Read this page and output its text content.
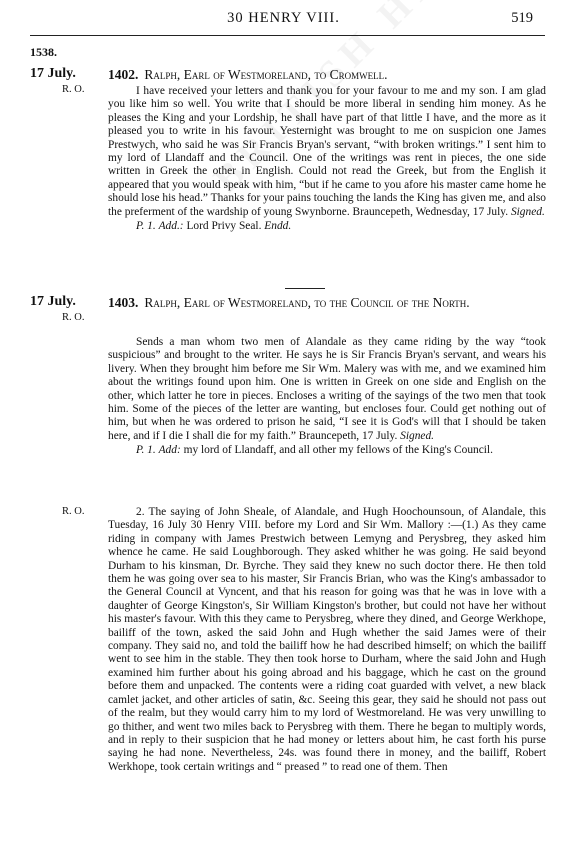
30 HENRY VIII.	519
1538.
17 July.
R. O.
1402. Ralph, Earl of Westmoreland, to Cromwell.

I have received your letters and thank you for your favour to me and my son. I am glad you like him so well. You write that I should be more liberal in sending him money. As he pleases the King and your Lordship, he shall have part of that little I have, and the more as it pleased you to write in his favour. Yesternight was brought to me on suspicion one James Prestwych, who said he was Sir Francis Bryan's servant, “with broken writings.” I sent him to my lord of Llandaff and the Council. One of the writings was rent in pieces, the one side written in Greek the other in English. Could not read the Greek, but from the English it appeared that you would speak with him, “but if he came to you afore his master came home he should lose his head.” Thanks for your pains touching the lands the King has given me, and also the preferment of the wardship of young Swynborne. Brauncepeth, Wednesday, 17 July. Signed.

P. 1. Add.: Lord Privy Seal. Endd.

17 July.
R. O.
1403. Ralph, Earl of Westmoreland, to the Council of the North.

Sends a man whom two men of Alandale as they came riding by the way “took suspicious” and brought to the writer. He says he is Sir Francis Bryan's servant, and wears his livery. When they brought him before me Sir Wm. Malery was with me, and we examined him about the writings found upon him. One is written in Greek on one side and English on the other, which latter he tore in pieces. Encloses a writing of the sayings of the two men that took him. Some of the pieces of the letter are wanting, but encloses four. Could get nothing out of him, but when he was ordered to prison he said, “I see it is God's will that I should be taken here, and if I die I shall die for my faith.” Brauncepeth, 17 July. Signed.

P. 1. Add: my lord of Llandaff, and all other my fellows of the King's Council.

R. O.	2. The saying of John Sheale, of Alandale, and Hugh Hoochounsoun, of Alandale, this Tuesday, 16 July 30 Henry VIII. before my Lord and Sir Wm. Mallory :—(1.) As they came riding in company with James Prestwich between Lemyng and Perysbreg, they asked him whence he came. He said Loughborough. They asked whither he was going. He said beyond Durham to his kinsman, Dr. Byrche. They said they knew no such doctor there. He then told them he was going over sea to his master, Sir Francis Brian, who was the King's ambassador to the General Council at Vyncent, and that his reason for going was that he was in love with a daughter of George Kingston's, Sir William Kingston's brother, but could not have her without his master's favour. With this they came to Perysbreg, where they dined, and George Werkhope, bailiff of the town, asked the said John and Hugh whether the said James were of their company. They said no, and told the bailiff how he had described himself; on which the bailiff went to see him in the stable. They then took horse to Durham, where the said John and Hugh examined him further about his going abroad and his baggage, which he cast on the ground before them and unpacked. The contents were a riding coat guarded with velvet, a new black camlet jacket, and other articles of satin, &c. Seeing this gear, they said he should not pass out of the realm, but they would carry him to my lord of Westmoreland. He was very unwilling to go thither, and went two miles back to Perysbreg with them. There he began to multiply words, and in reply to their suspicion that he had money or letters about him, he cast forth his purse saying he had none. Nevertheless, 24s. was found there in money, and the bailiff, Robert Werkhope, took certain writings and “ preased ” to read one of them. Then
